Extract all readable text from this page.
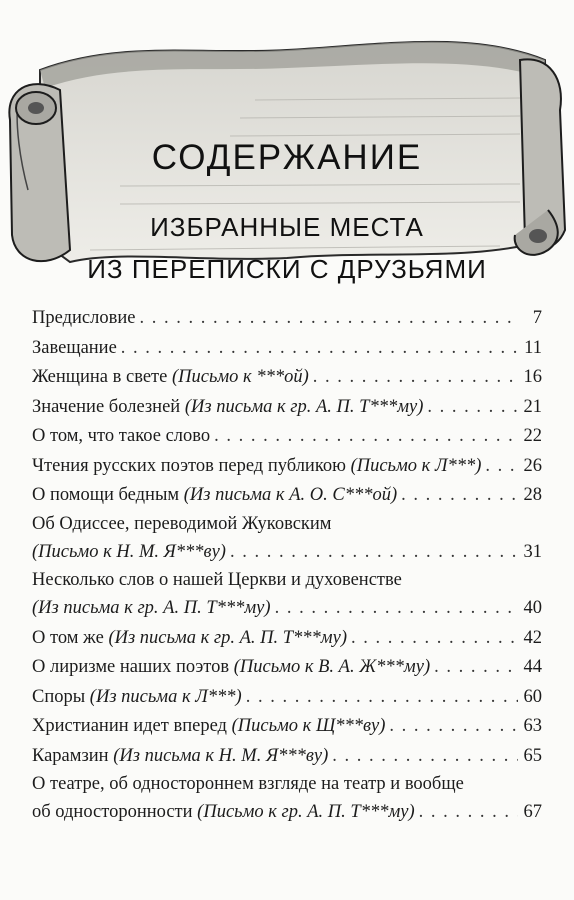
СОДЕРЖАНИЕ
ИЗБРАННЫЕ МЕСТА
ИЗ ПЕРЕПИСКИ С ДРУЗЬЯМИ
Предисловие . . .	7
Завещание . . .	11
Женщина в свете (Письмо к ***ой) . . .	16
Значение болезней (Из письма к гр. А. П. Т***му) . . .	21
О том, что такое слово . . .	22
Чтения русских поэтов перед публикою (Письмо к Л***) . . . 26
О помощи бедным (Из письма к А. О. С***ой) . . .	28
Об Одиссее, переводимой Жуковским
(Письмо к Н. М. Я***ву) . . .	31
Несколько слов о нашей Церкви и духовенстве
(Из письма к гр. А. П. Т***му) . . .	40
О том же (Из письма к гр. А. П. Т***му) . . .	42
О лиризме наших поэтов (Письмо к В. А. Ж***му) . . .	44
Споры (Из письма к Л***) . . .	60
Христианин идет вперед (Письмо к Щ***ву) . . .	63
Карамзин (Из письма к Н. М. Я***ву) . . .	65
О театре, об одностороннем взгляде на театр и вообще
об односторонности (Письмо к гр. А. П. Т***му) . . .	67
